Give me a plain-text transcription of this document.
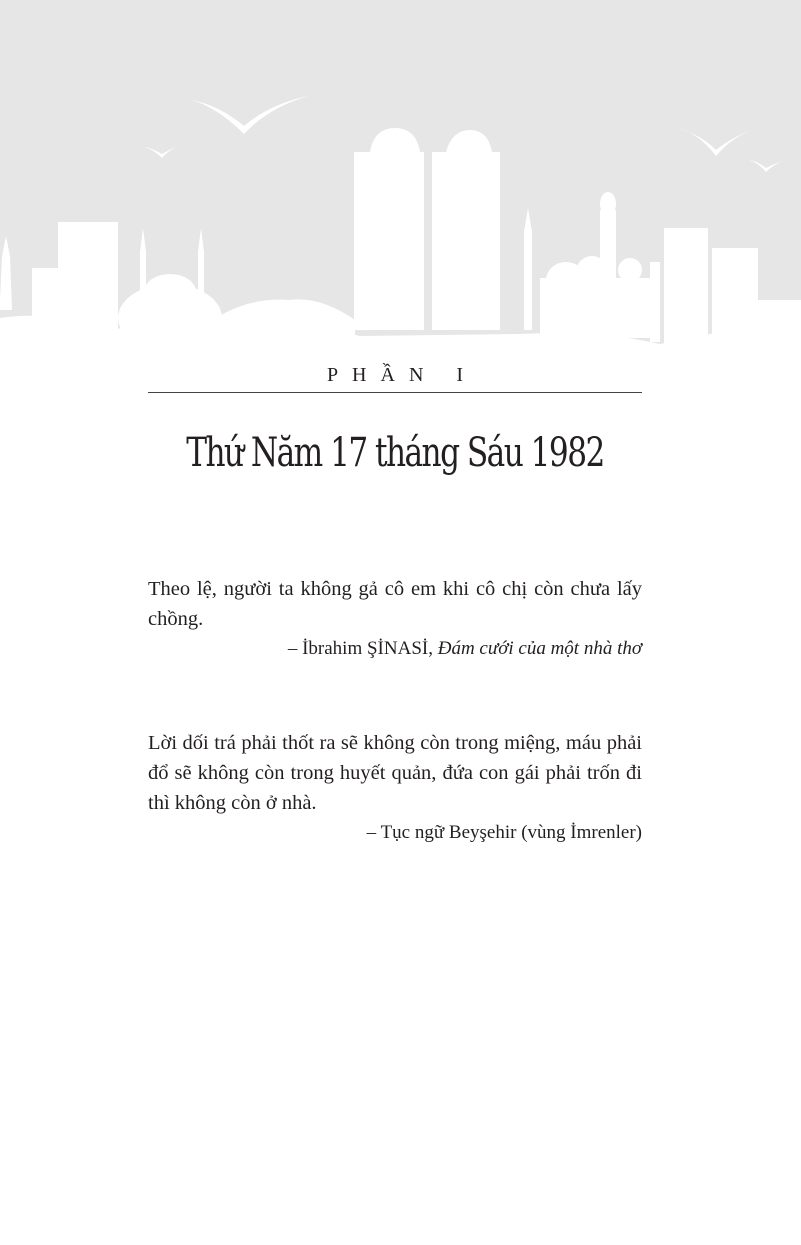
PHẦN I
Thứ Năm 17 tháng Sáu 1982

Theo lệ, người ta không gả cô em khi cô chị còn chưa lấy chồng.

– İbrahim ŞİNASİ, Đám cưới của một nhà thơ

Lời dối trá phải thốt ra sẽ không còn trong miệng, máu phải đổ sẽ không còn trong huyết quản, đứa con gái phải trốn đi thì không còn ở nhà.

– Tục ngữ Beyşehir (vùng İmrenler)
